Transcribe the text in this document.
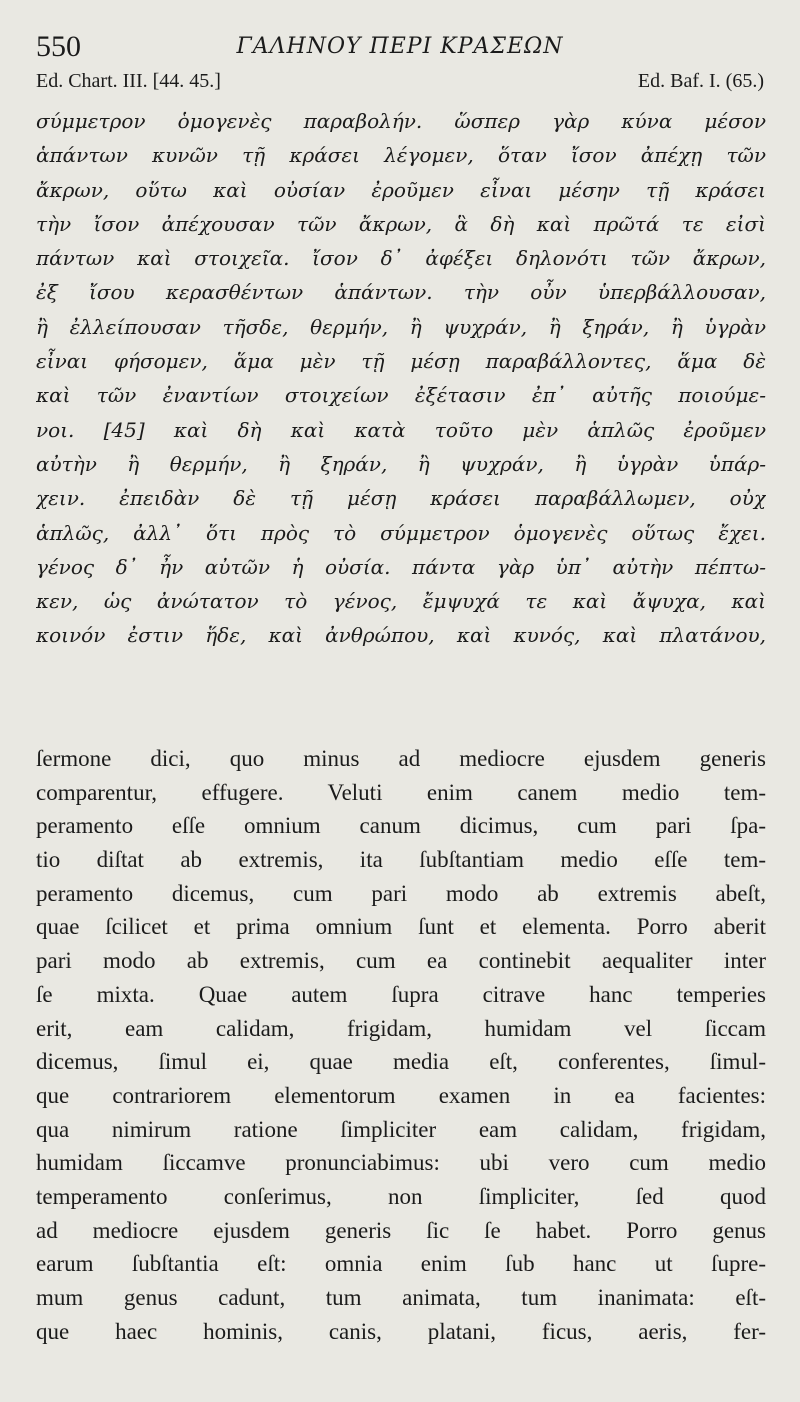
550	ΓΑΛΗΝΟΥ ΠΕΡΙ ΚΡΑΣΕΩΝ
Ed. Chart. III. [44. 45.]	Ed. Baf. I. (65.)
σύμμετρον ὁμογενὲς παραβολήν. ὥσπερ γὰρ κύνα μέσον
ἁπάντων κυνῶν τῇ κράσει λέγομεν, ὅταν ἴσον ἀπέχῃ τῶν
ἄκρων, οὕτω καὶ οὐσίαν ἐροῦμεν εἶναι μέσην τῇ κράσει
τὴν ἴσον ἀπέχουσαν τῶν ἄκρων, ἃ δὴ καὶ πρῶτά τε εἰσὶ
πάντων καὶ στοιχεῖα. ἴσον δ᾽ ἀφέξει δηλονότι τῶν ἄκρων,
ἐξ ἴσου κερασθέντων ἁπάντων. τὴν οὖν ὑπερβάλλουσαν,
ἢ ἐλλείπουσαν τῆσδε, θερμήν, ἢ ψυχράν, ἢ ξηράν, ἢ ὑγρὰν
εἶναι φήσομεν, ἅμα μὲν τῇ μέσῃ παραβάλλοντες, ἅμα δὲ
καὶ τῶν ἐναντίων στοιχείων ἐξέτασιν ἐπ᾽ αὐτῆς ποιούμε-
νοι. [45] καὶ δὴ καὶ κατὰ τοῦτο μὲν ἁπλῶς ἐροῦμεν
αὐτὴν ἢ θερμήν, ἢ ξηράν, ἢ ψυχράν, ἢ ὑγρὰν ὑπάρ-
χειν. ἐπειδὰν δὲ τῇ μέσῃ κράσει παραβάλλωμεν, οὐχ
ἁπλῶς, ἀλλ᾽ ὅτι πρὸς τὸ σύμμετρον ὁμογενὲς οὕτως ἔχει.
γένος δ᾽ ἦν αὐτῶν ἡ οὐσία. πάντα γὰρ ὑπ᾽ αὐτὴν πέπτω-
κεν, ὡς ἀνώτατον τὸ γένος, ἔμψυχά τε καὶ ἄψυχα, καὶ
κοινόν ἐστιν ἥδε, καὶ ἀνθρώπου, καὶ κυνός, καὶ πλατάνου,
ſermone dici, quo minus ad mediocre ejusdem generis
comparentur, effugere. Veluti enim canem medio tem-
peramento eſſe omnium canum dicimus, cum pari ſpa-
tio diſtat ab extremis, ita ſubſtantiam medio eſſe tem-
peramento dicemus, cum pari modo ab extremis abeſt,
quae ſcilicet et prima omnium ſunt et elementa. Porro aberit
pari modo ab extremis, cum ea continebit aequaliter inter
ſe mixta. Quae autem ſupra citrave hanc temperies
erit, eam calidam, frigidam, humidam vel ſiccam
dicemus, ſimul ei, quae media eſt, conferentes, ſimul-
que contrariorem elementorum examen in ea facientes:
qua nimirum ratione ſimpliciter eam calidam, frigidam,
humidam ſiccamve pronunciabimus: ubi vero cum medio
temperamento conſerimus, non ſimpliciter, ſed quod
ad mediocre ejusdem generis ſic ſe habet. Porro genus
earum ſubſtantia eſt: omnia enim ſub hanc ut ſupre-
mum genus cadunt, tum animata, tum inanimata: eſt-
que haec hominis, canis, platani, ficus, aeris, fer-
